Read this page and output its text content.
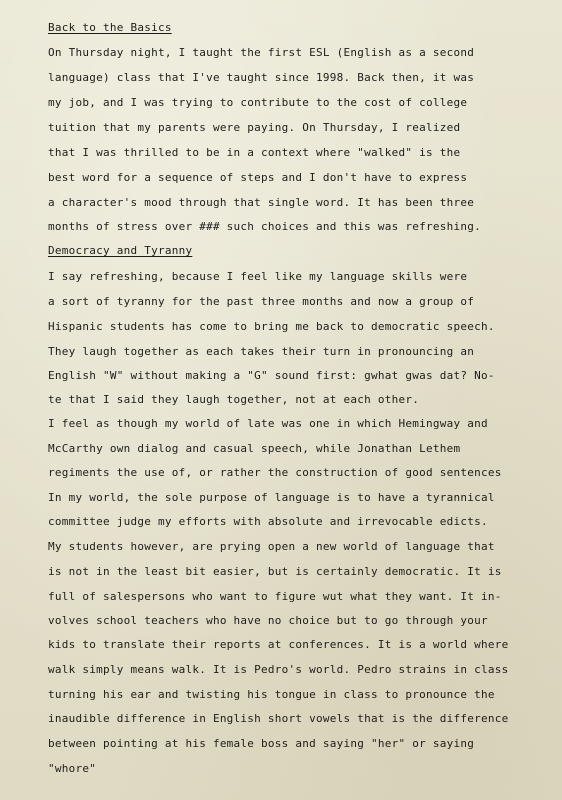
Back to the Basics
On Thursday night, I taught the first ESL (English as a second
language) class that I've taught since 1998. Back then, it was
my job, and I was trying to contribute to the cost of college
tuition that my parents were paying. On Thursday, I realized
that I was thrilled to be in a context where "walked" is the
best word for a sequence of steps and I don't have to express
a character's mood through that single word. It has been three
months of stress over ### such choices and this was refreshing.
Democracy and Tyranny
I say refreshing, because I feel like my language skills were
a sort of tyranny for the past three months and now a group of
Hispanic students has come to bring me back to democratic speech.
They laugh together as each takes their turn in pronouncing an
English "W" without making a "G" sound first: gwhat gwas dat? No-
te that I said they laugh together, not at each other.
I feel as though my world of late was one in which Hemingway and
McCarthy own dialog and casual speech, while Jonathan Lethem
regiments the use of, or rather the construction of good sentences
In my world, the sole purpose of language is to have a tyrannical
committee judge my efforts with absolute and irrevocable edicts.
My students however, are prying open a new world of language that
is not in the least bit easier, but is certainly democratic. It is
full of salespersons who want to figure wut what they want. It in-
volves school teachers who have no choice but to go through your
kids to translate their reports at conferences. It is a world where
walk simply means walk. It is Pedro's world. Pedro strains in class
turning his ear and twisting his tongue in class to pronounce the
inaudible difference in English short vowels that is the difference
between pointing at his female boss and saying "her" or saying
"whore"
